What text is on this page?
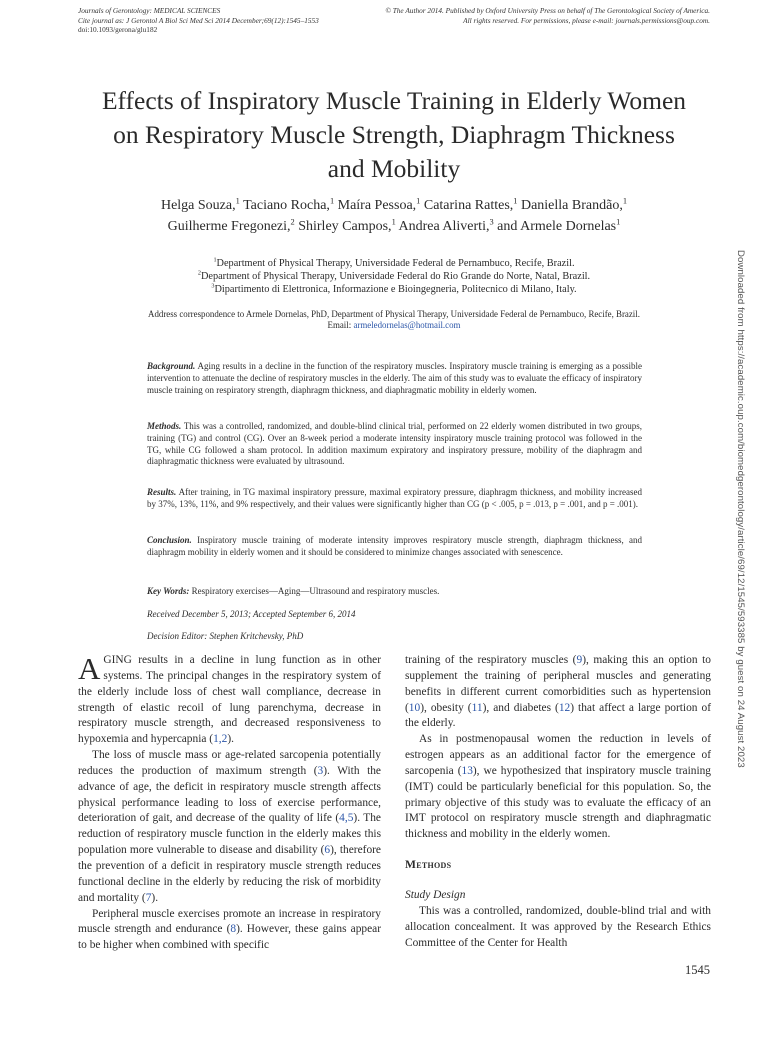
Journals of Gerontology: MEDICAL SCIENCES
Cite journal as: J Gerontol A Biol Sci Med Sci 2014 December;69(12):1545–1553
doi:10.1093/gerona/glu182
© The Author 2014. Published by Oxford University Press on behalf of The Gerontological Society of America.
All rights reserved. For permissions, please e-mail: journals.permissions@oup.com.
Effects of Inspiratory Muscle Training in Elderly Women
on Respiratory Muscle Strength, Diaphragm Thickness
and Mobility
Helga Souza,$^1$ Taciano Rocha,$^1$ Maíra Pessoa,$^1$ Catarina Rattes,$^1$ Daniella Brandão,$^1$
Guilherme Fregonezi,$^2$ Shirley Campos,$^1$ Andrea Aliverti,$^3$ and Armele Dornelas$^1$
$^1$Department of Physical Therapy, Universidade Federal de Pernambuco, Recife, Brazil.
$^2$Department of Physical Therapy, Universidade Federal do Rio Grande do Norte, Natal, Brazil.
$^3$Dipartimento di Elettronica, Informazione e Bioingegneria, Politecnico di Milano, Italy.
Address correspondence to Armele Dornelas, PhD, Department of Physical Therapy, Universidade Federal de Pernambuco, Recife, Brazil.
Email: armeledornelas@hotmail.com
Background. Aging results in a decline in the function of the respiratory muscles. Inspiratory muscle training is emerging as a possible intervention to attenuate the decline of respiratory muscles in the elderly. The aim of this study was to evaluate the efficacy of inspiratory muscle training on respiratory strength, diaphragm thickness, and diaphragmatic mobility in elderly women.
Methods. This was a controlled, randomized, and double-blind clinical trial, performed on 22 elderly women distributed in two groups, training (TG) and control (CG). Over an 8-week period a moderate intensity inspiratory muscle training protocol was followed in the TG, while CG followed a sham protocol. In addition maximum expiratory and inspiratory pressure, mobility of the diaphragm and diaphragmatic thickness were evaluated by ultrasound.
Results. After training, in TG maximal inspiratory pressure, maximal expiratory pressure, diaphragm thickness, and mobility increased by 37%, 13%, 11%, and 9% respectively, and their values were significantly higher than CG (p < .005, p = .013, p = .001, and p = .001).
Conclusion. Inspiratory muscle training of moderate intensity improves respiratory muscle strength, diaphragm thickness, and diaphragm mobility in elderly women and it should be considered to minimize changes associated with senescence.
Key Words: Respiratory exercises—Aging—Ultrasound and respiratory muscles.
Received December 5, 2013; Accepted September 6, 2014
Decision Editor: Stephen Kritchevsky, PhD	Downloaded from https://academic.oup.com/biomedgerontology/article/69/12/1545/593385 by guest on 24 August 2023

AGING results in a decline in lung function as in other systems. The principal changes in the respiratory system of the elderly include loss of chest wall compliance, decrease in strength of elastic recoil of lung parenchyma, decrease in respiratory muscle strength, and decreased responsiveness to hypoxemia and hypercapnia (1,2).

The loss of muscle mass or age-related sarcopenia potentially reduces the production of maximum strength (3). With the advance of age, the deficit in respiratory muscle strength affects physical performance leading to loss of exercise performance, deterioration of gait, and decrease of the quality of life (4,5). The reduction of respiratory muscle function in the elderly makes this population more vulnerable to disease and disability (6), therefore the prevention of a deficit in respiratory muscle strength reduces functional decline in the elderly by reducing the risk of morbidity and mortality (7).

Peripheral muscle exercises promote an increase in respiratory muscle strength and endurance (8). However, these gains appear to be higher when combined with specific

training of the respiratory muscles (9), making this an option to supplement the training of peripheral muscles and generating benefits in different current comorbidities such as hypertension (10), obesity (11), and diabetes (12) that affect a large portion of the elderly.

As in postmenopausal women the reduction in levels of estrogen appears as an additional factor for the emergence of sarcopenia (13), we hypothesized that inspiratory muscle training (IMT) could be particularly beneficial for this population. So, the primary objective of this study was to evaluate the efficacy of an IMT protocol on respiratory muscle strength and diaphragmatic thickness and mobility in the elderly women.

Methods

Study Design

This was a controlled, randomized, double-blind trial and with allocation concealment. It was approved by the Research Ethics Committee of the Center for Health

1545
